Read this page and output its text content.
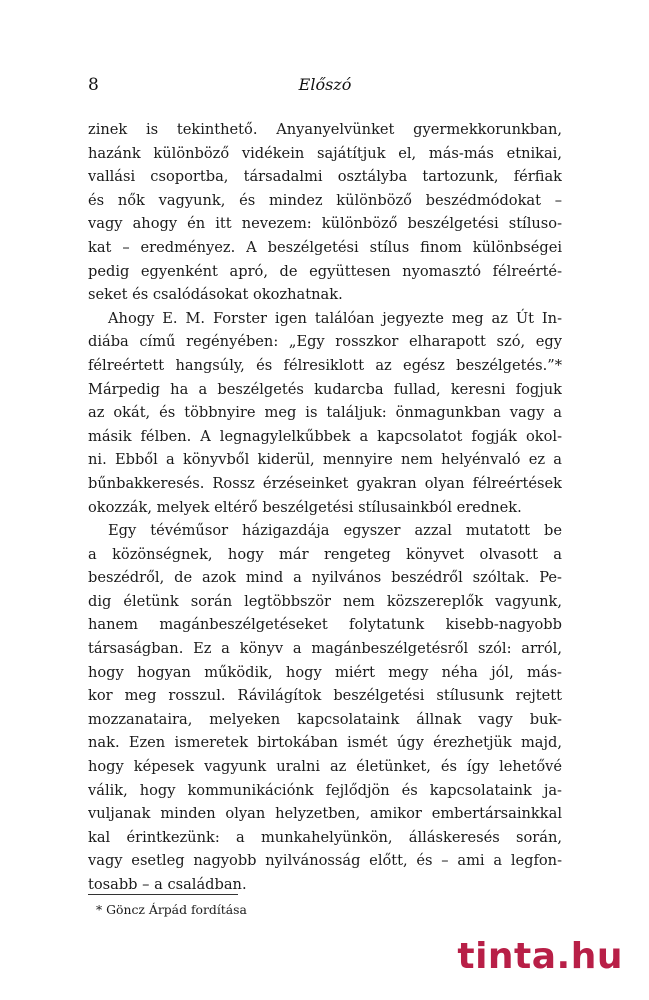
8	Előszó
zinek is tekinthető. Anyanyelvünket gyermekkorunkban,
hazánk különböző vidékein sajátítjuk el, más-más etnikai,
vallási csoportba, társadalmi osztályba tartozunk, férfiak
és nők vagyunk, és mindez különböző beszédmódokat –
vagy ahogy én itt nevezem: különböző beszélgetési stíluso-
kat – eredményez. A beszélgetési stílus finom különbségei
pedig egyenként apró, de együttesen nyomasztó félreérté-
seket és csalódásokat okozhatnak.
Ahogy E. M. Forster igen találóan jegyezte meg az Út In-
diába című regényében: „Egy rosszkor elharapott szó, egy
félreértett hangsúly, és félresiklott az egész beszélgetés.”*
Márpedig ha a beszélgetés kudarcba fullad, keresni fogjuk
az okát, és többnyire meg is találjuk: önmagunkban vagy a
másik félben. A legnagylelkűbbek a kapcsolatot fogják okol-
ni. Ebből a könyvből kiderül, mennyire nem helyénvaló ez a
bűnbakkeresés. Rossz érzéseinket gyakran olyan félreértések
okozzák, melyek eltérő beszélgetési stílusainkból erednek.
Egy tévéműsor házigazdája egyszer azzal mutatott be
a közönségnek, hogy már rengeteg könyvet olvasott a
beszédről, de azok mind a nyilvános beszédről szóltak. Pe-
dig életünk során legtöbbször nem közszereplők vagyunk,
hanem magánbeszélgetéseket folytatunk kisebb-nagyobb
társaságban. Ez a könyv a magánbeszélgetésről szól: arról,
hogy hogyan működik, hogy miért megy néha jól, más-
kor meg rosszul. Rávilágítok beszélgetési stílusunk rejtett
mozzanataira, melyeken kapcsolataink állnak vagy buk-
nak. Ezen ismeretek birtokában ismét úgy érezhetjük majd,
hogy képesek vagyunk uralni az életünket, és így lehetővé
válik, hogy kommunikációnk fejlődjön és kapcsolataink ja-
vuljanak minden olyan helyzetben, amikor embertársainkkal
kal érintkezünk: a munkahelyünkön, álláskeresés során,
vagy esetleg nagyobb nyilvánosság előtt, és – ami a legfon-
tosabb – a családban.
* Göncz Árpád fordítása
tinta.hu
